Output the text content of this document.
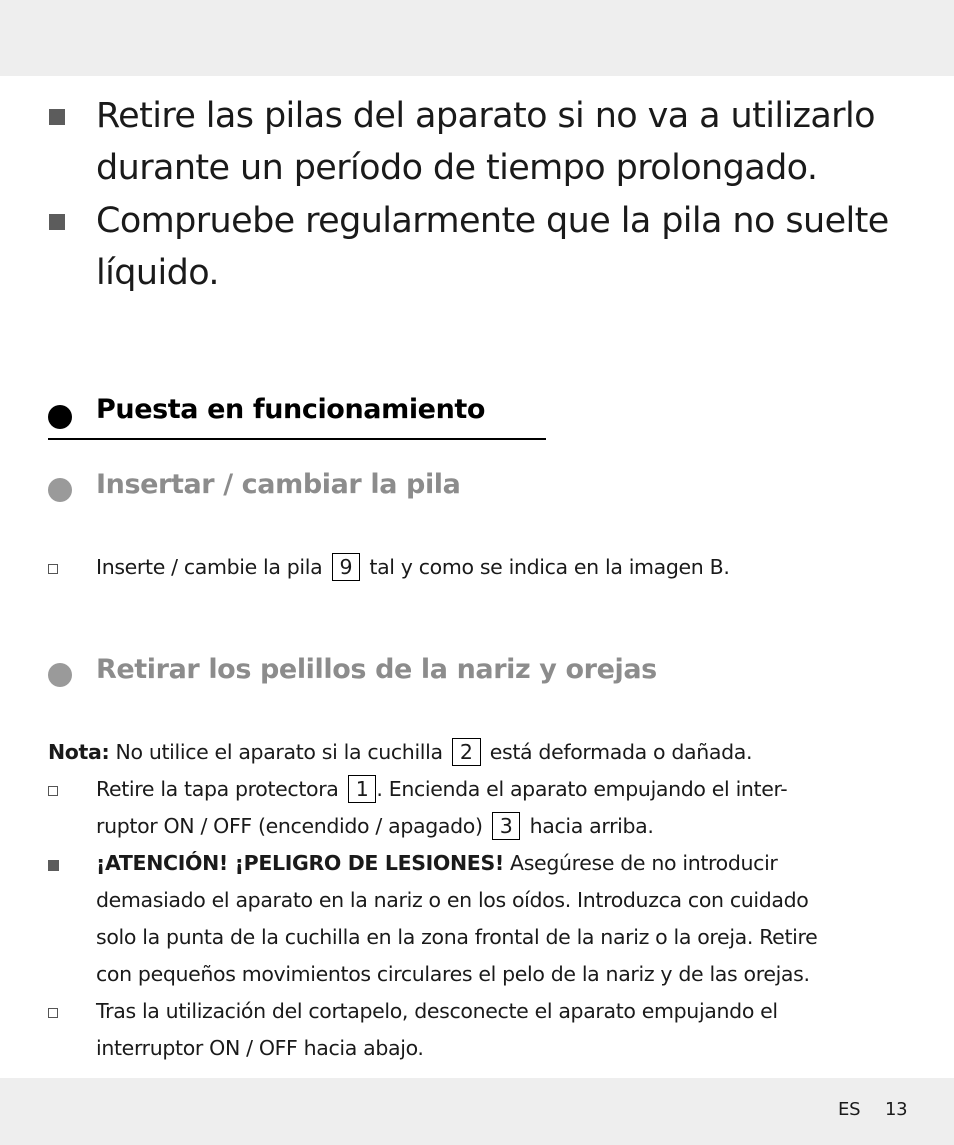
Retire las pilas del aparato si no va a utilizarlo
durante un período de tiempo prolongado.
Compruebe regularmente que la pila no suelte
líquido.
Puesta en funcionamiento
Insertar / cambiar la pila
Inserte / cambie la pila 9 tal y como se indica en la imagen B.
Retirar los pelillos de la nariz y orejas
Nota: No utilice el aparato si la cuchilla 2 está deformada o dañada.
Retire la tapa protectora 1 . Encienda el aparato empujando el inter-
ruptor ON / OFF (encendido / apagado) 3 hacia arriba.
¡ATENCIÓN! ¡PELIGRO DE LESIONES! Asegúrese de no introducir
demasiado el aparato en la nariz o en los oídos. Introduzca con cuidado
solo la punta de la cuchilla en la zona frontal de la nariz o la oreja. Retire
con pequeños movimientos circulares el pelo de la nariz y de las orejas.
Tras la utilización del cortapelo, desconecte el aparato empujando el
interruptor ON / OFF hacia abajo.
ES 13
